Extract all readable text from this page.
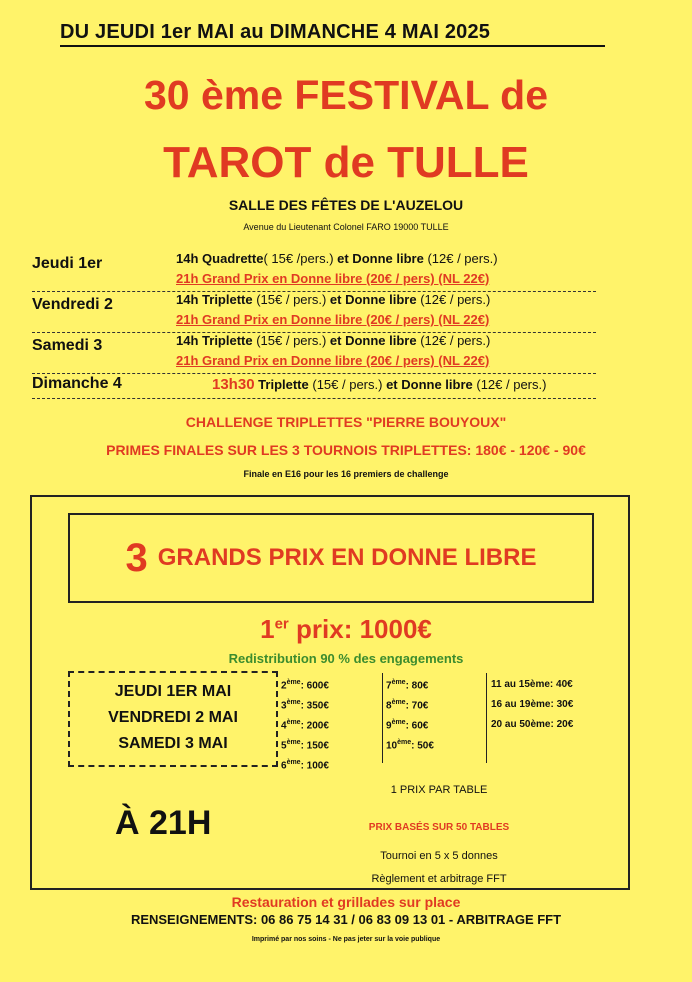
DU JEUDI 1er MAI au DIMANCHE 4 MAI 2025
30 ème FESTIVAL de
TAROT de TULLE
SALLE DES FÊTES DE L'AUZELOU
Avenue du Lieutenant Colonel FARO 19000 TULLE
Jeudi 1er	14h Quadrette( 15€ /pers.) et Donne libre (12€ / pers.)
21h Grand Prix en Donne libre (20€ / pers) (NL 22€)
Vendredi 2	14h Triplette (15€ / pers.) et Donne libre (12€ / pers.)
21h Grand Prix en Donne libre (20€ / pers) (NL 22€)
Samedi 3	14h Triplette (15€ / pers.) et Donne libre (12€ / pers.)
21h Grand Prix en Donne libre (20€ / pers) (NL 22€)
Dimanche 4	13h30 Triplette (15€ / pers.) et Donne libre (12€ / pers.)
CHALLENGE TRIPLETTES "PIERRE BOUYOUX"
PRIMES FINALES SUR LES 3 TOURNOIS TRIPLETTES: 180€ - 120€ - 90€
Finale en E16 pour les 16 premiers de challenge
3 GRANDS PRIX EN DONNE LIBRE
1er prix: 1000€
Redistribution 90 % des engagements
JEUDI 1ER MAI
VENDREDI 2 MAI
SAMEDI 3 MAI
2ème: 600€
3ème: 350€
4ème: 200€
5ème: 150€
6ème: 100€
7ème: 80€
8ème: 70€
9ème: 60€
10ème: 50€
11 au 15ème: 40€
16 au 19ème: 30€
20 au 50ème: 20€
À 21H
1 PRIX PAR TABLE
PRIX BASÉS SUR 50 TABLES
Tournoi en 5 x 5 donnes
Règlement et arbitrage FFT
Restauration et grillades sur place
RENSEIGNEMENTS: 06 86 75 14 31 / 06 83 09 13 01 - ARBITRAGE FFT
Imprimé par nos soins - Ne pas jeter sur la voie publique
